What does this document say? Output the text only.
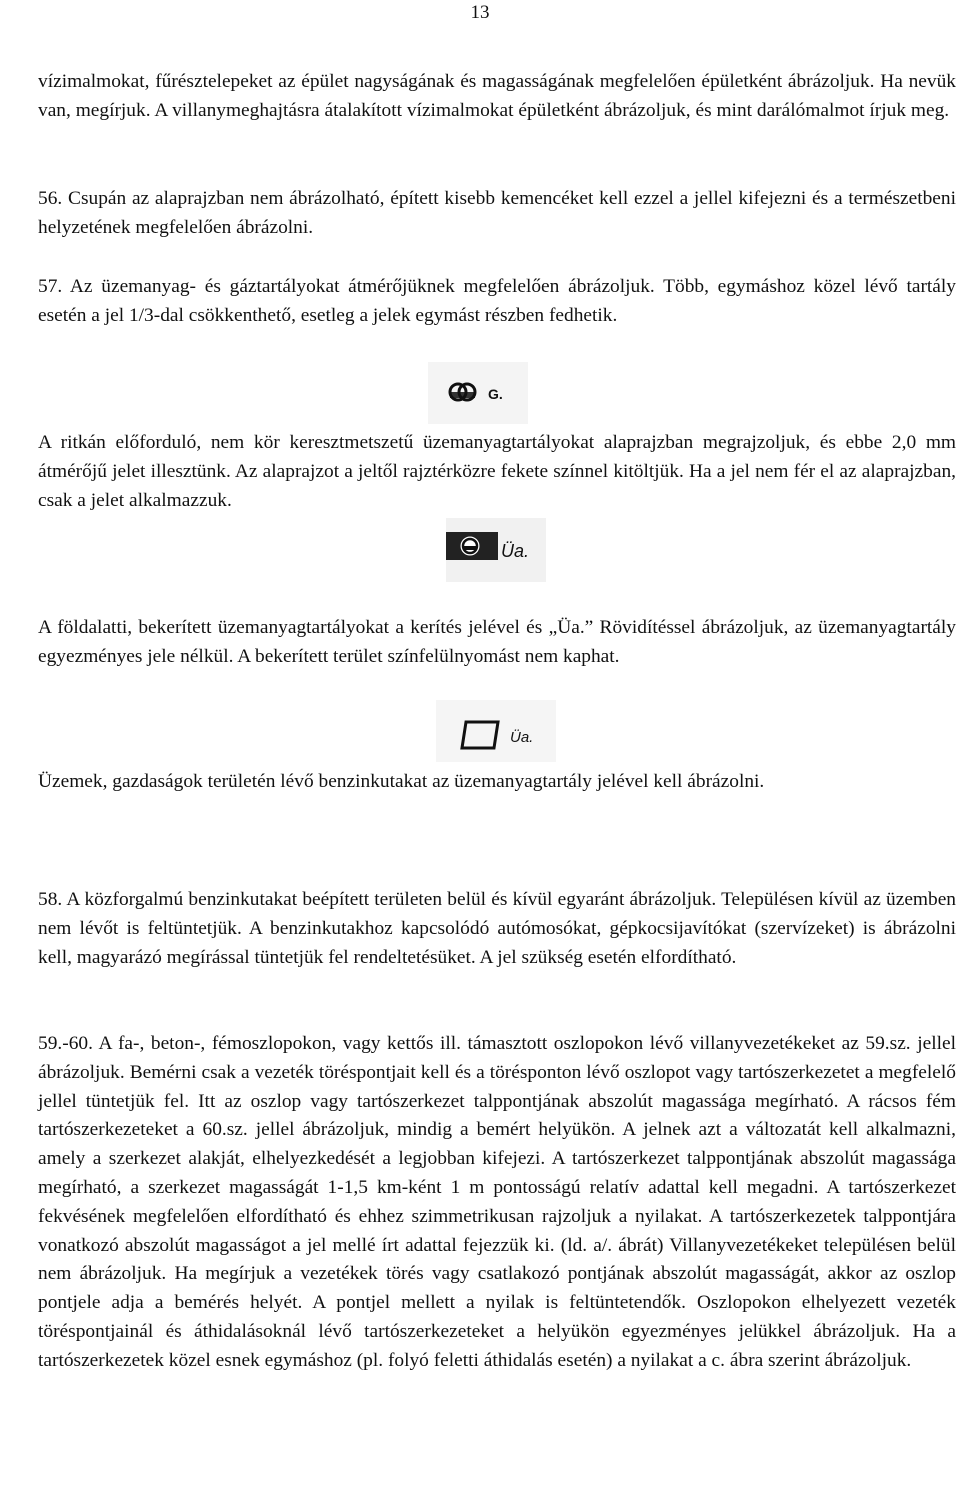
13

vízimalmokat, fűrésztelepeket az épület nagyságának és magasságának megfelelően épületként ábrázoljuk. Ha nevük van, megírjuk. A villanymeghajtásra átalakított vízimalmokat épületként ábrázoljuk, és mint darálómalmot írjuk meg.

56. Csupán az alaprajzban nem ábrázolható, épített kisebb kemencéket kell ezzel a jellel kifejezni és a természetbeni helyzetének megfelelően ábrázolni.

57. Az üzemanyag- és gáztartályokat átmérőjüknek megfelelően ábrázoljuk. Több, egymáshoz közel lévő tartály esetén a jel 1/3-dal csökkenthető, esetleg a jelek egymást részben fedhetik.

G.

A ritkán előforduló, nem kör keresztmetszetű üzemanyagtartályokat alaprajzban megrajzoljuk, és ebbe 2,0 mm átmérőjű jelet illesztünk. Az alaprajzot a jeltől rajztérközre fekete színnel kitöltjük. Ha a jel nem fér el az alaprajzban, csak a jelet alkalmazzuk.

Üa.

A földalatti, bekerített üzemanyagtartályokat a kerítés jelével és „Üa.” Rövidítéssel ábrázoljuk, az üzemanyagtartály egyezményes jele nélkül. A bekerített terület színfelülnyomást nem kaphat.

Üa.

Üzemek, gazdaságok területén lévő benzinkutakat az üzemanyagtartály jelével kell ábrázolni.

58. A közforgalmú benzinkutakat beépített területen belül és kívül egyaránt ábrázoljuk. Településen kívül az üzemben nem lévőt is feltüntetjük. A benzinkutakhoz kapcsolódó autómosókat, gépkocsijavítókat (szervízeket) is ábrázolni kell, magyarázó megírással tüntetjük fel rendeltetésüket. A jel szükség esetén elfordítható.

59.-60. A fa-, beton-, fémoszlopokon, vagy kettős ill. támasztott oszlopokon lévő villanyvezetékeket az 59.sz. jellel ábrázoljuk. Bemérni csak a vezeték töréspontjait kell és a törésponton lévő oszlopot vagy tartószerkezetet a megfelelő jellel tüntetjük fel. Itt az oszlop vagy tartószerkezet talppontjának abszolút magassága megírható. A rácsos fém tartószerkezeteket a 60.sz. jellel ábrázoljuk, mindig a bemért helyükön. A jelnek azt a változatát kell alkalmazni, amely a szerkezet alakját, elhelyezkedését a legjobban kifejezi. A tartószerkezet talppontjának abszolút magassága megírható, a szerkezet magasságát 1-1,5 km-ként 1 m pontosságú relatív adattal kell megadni. A tartószerkezet fekvésének megfelelően elfordítható és ehhez szimmetrikusan rajzoljuk a nyilakat. A tartószerkezetek talppontjára vonatkozó abszolút magasságot a jel mellé írt adattal fejezzük ki. (ld. a/. ábrát) Villanyvezetékeket településen belül nem ábrázoljuk. Ha megírjuk a vezetékek törés vagy csatlakozó pontjának abszolút magasságát, akkor az oszlop pontjele adja a bemérés helyét. A pontjel mellett a nyilak is feltüntetendők. Oszlopokon elhelyezett vezeték töréspontjainál és áthidalásoknál lévő tartószerkezeteket a helyükön egyezményes jelükkel ábrázoljuk. Ha a tartószerkezetek közel esnek egymáshoz (pl. folyó feletti áthidalás esetén) a nyilakat a c. ábra szerint ábrázoljuk.
